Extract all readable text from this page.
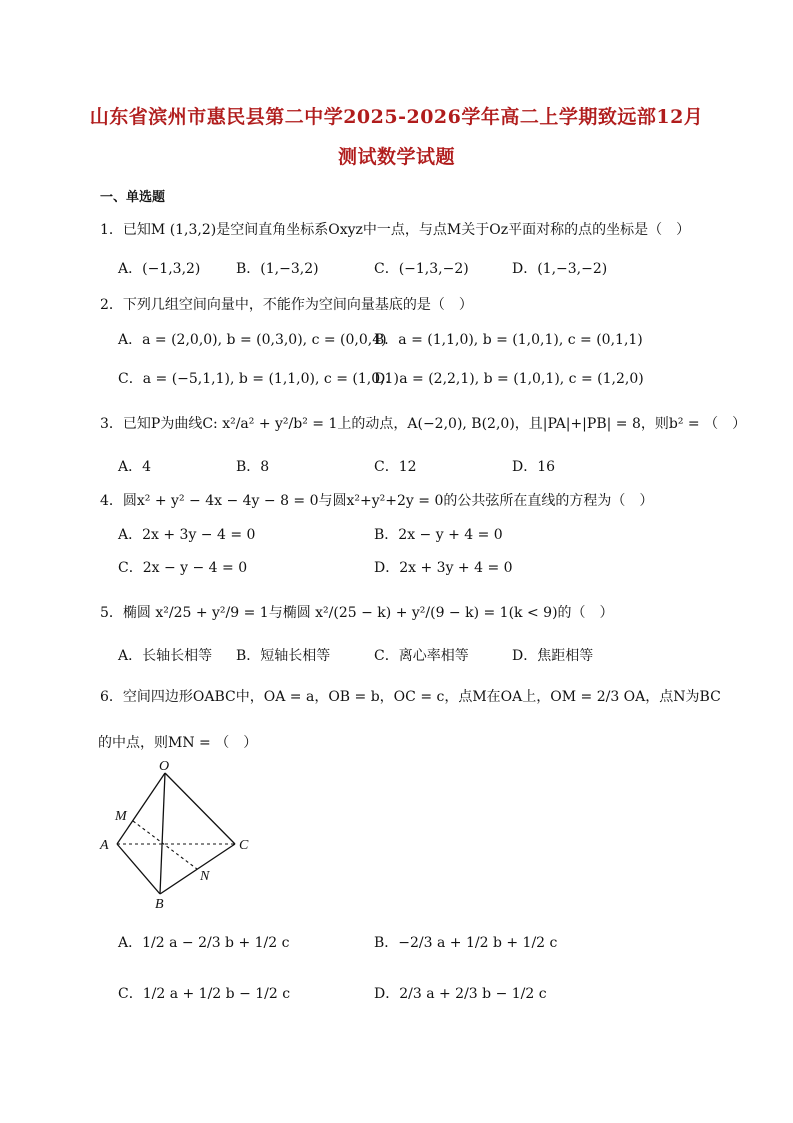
山东省滨州市惠民县第二中学2025-2026学年高二上学期致远部12月
测试数学试题
一、单选题
1．已知M (1,3,2)是空间直角坐标系Oxyz中一点，与点M关于Oz平面对称的点的坐标是（　）
A．(−1,3,2)	B．(1,−3,2)	C．(−1,3,−2)	D．(1,−3,−2)
2．下列几组空间向量中，不能作为空间向量基底的是（　）
A．a = (2,0,0), b = (0,3,0), c = (0,0,4)
B．a = (1,1,0), b = (1,0,1), c = (0,1,1)
C．a = (−5,1,1), b = (1,1,0), c = (1,0,1)
D．a = (2,2,1), b = (1,0,1), c = (1,2,0)
3．已知P为曲线C: x²/a² + y²/b² = 1上的动点，A(−2,0), B(2,0)，且|PA|+|PB| = 8，则b² = （　）
A．4	B．8	C．12	D．16
4．圆x² + y² − 4x − 4y − 8 = 0与圆x²+y²+2y = 0的公共弦所在直线的方程为（　）
A．2x + 3y − 4 = 0	B．2x − y + 4 = 0
C．2x − y − 4 = 0	D．2x + 3y + 4 = 0
5．椭圆 x²/25 + y²/9 = 1与椭圆 x²/(25 − k) + y²/(9 − k) = 1(k < 9)的（　）
A．长轴长相等 B．短轴长相等	C．离心率相等	D．焦距相等
6．空间四边形OABC中，OA = a，OB = b，OC = c，点M在OA上，OM = 2/3 OA，点N为BC
的中点，则MN = （　）
O
M
A	C
N
B
A．1/2 a − 2/3 b + 1/2 c	B．−2/3 a + 1/2 b + 1/2 c
C．1/2 a + 1/2 b − 1/2 c	D．2/3 a + 2/3 b − 1/2 c
